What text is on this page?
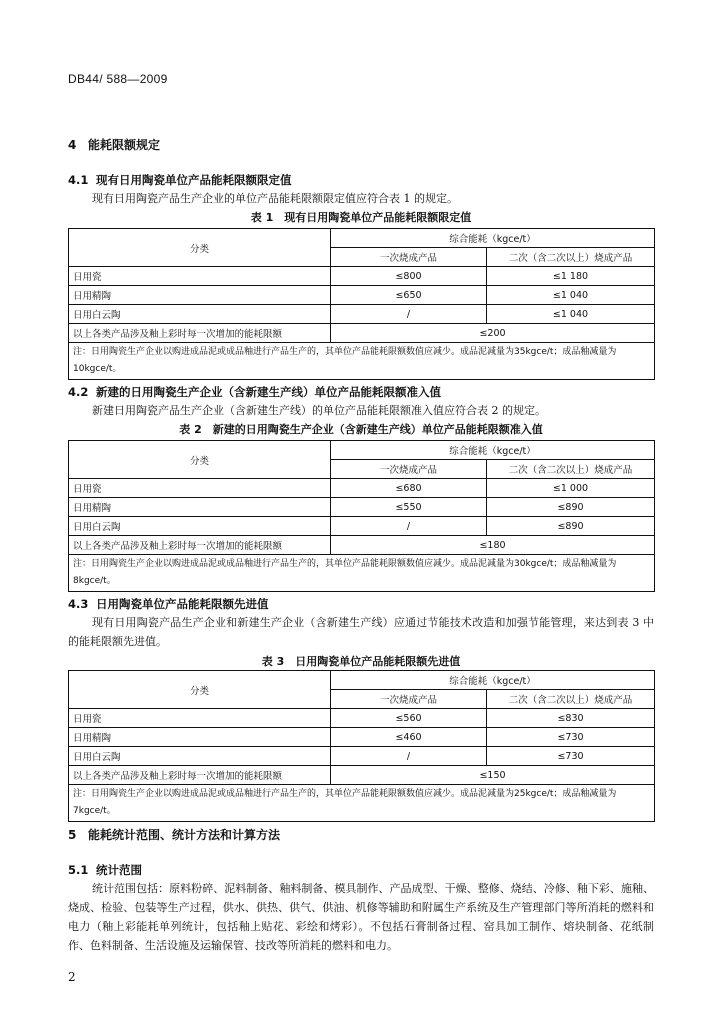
DB44/ 588—2009
4 能耗限额规定
4.1 现有日用陶瓷单位产品能耗限额限定值
现有日用陶瓷产品生产企业的单位产品能耗限额限定值应符合表 1 的规定。
表 1　现有日用陶瓷单位产品能耗限额限定值
分类	综合能耗（kgce/t）	
	一次烧成产品	二次（含二次以上）烧成产品
日用瓷	≤800	≤1 180
日用精陶	≤650	≤1 040
日用白云陶	/	≤1 040
以上各类产品涉及釉上彩时每一次增加的能耗限额	≤200	
注：日用陶瓷生产企业以购进成品泥或成品釉进行产品生产的，其单位产品能耗限额数值应减少。成品泥减量为35kgce/t；成品釉减量为 10kgce/t。		
4.2 新建的日用陶瓷生产企业（含新建生产线）单位产品能耗限额准入值
新建日用陶瓷产品生产企业（含新建生产线）的单位产品能耗限额准入值应符合表 2 的规定。
表 2　新建的日用陶瓷生产企业（含新建生产线）单位产品能耗限额准入值
分类	综合能耗（kgce/t）	
	一次烧成产品	二次（含二次以上）烧成产品
日用瓷	≤680	≤1 000
日用精陶	≤550	≤890
日用白云陶	/	≤890
以上各类产品涉及釉上彩时每一次增加的能耗限额	≤180	
注：日用陶瓷生产企业以购进成品泥或成品釉进行产品生产的，其单位产品能耗限额数值应减少。成品泥减量为30kgce/t；成品釉减量为 8kgce/t。		
4.3 日用陶瓷单位产品能耗限额先进值
现有日用陶瓷产品生产企业和新建生产企业（含新建生产线）应通过节能技术改造和加强节能管理，来达到表 3 中的能耗限额先进值。
表 3　日用陶瓷单位产品能耗限额先进值
分类	综合能耗（kgce/t）	
	一次烧成产品	二次（含二次以上）烧成产品
日用瓷	≤560	≤830
日用精陶	≤460	≤730
日用白云陶	/	≤730
以上各类产品涉及釉上彩时每一次增加的能耗限额	≤150	
注：日用陶瓷生产企业以购进成品泥或成品釉进行产品生产的，其单位产品能耗限额数值应减少。成品泥减量为25kgce/t；成品釉减量为 7kgce/t。		
5 能耗统计范围、统计方法和计算方法
5.1 统计范围
统计范围包括：原料粉碎、泥料制备、釉料制备、模具制作、产品成型、干燥、整修、烧结、冷修、釉下彩、施釉、烧成、检验、包装等生产过程，供水、供热、供气、供油、机修等辅助和附属生产系统及生产管理部门等所消耗的燃料和电力（釉上彩能耗单列统计，包括釉上贴花、彩绘和烤彩）。不包括石膏制备过程、窑具加工制作、熔块制备、花纸制作、色料制备、生活设施及运输保管、技改等所消耗的燃料和电力。
2
